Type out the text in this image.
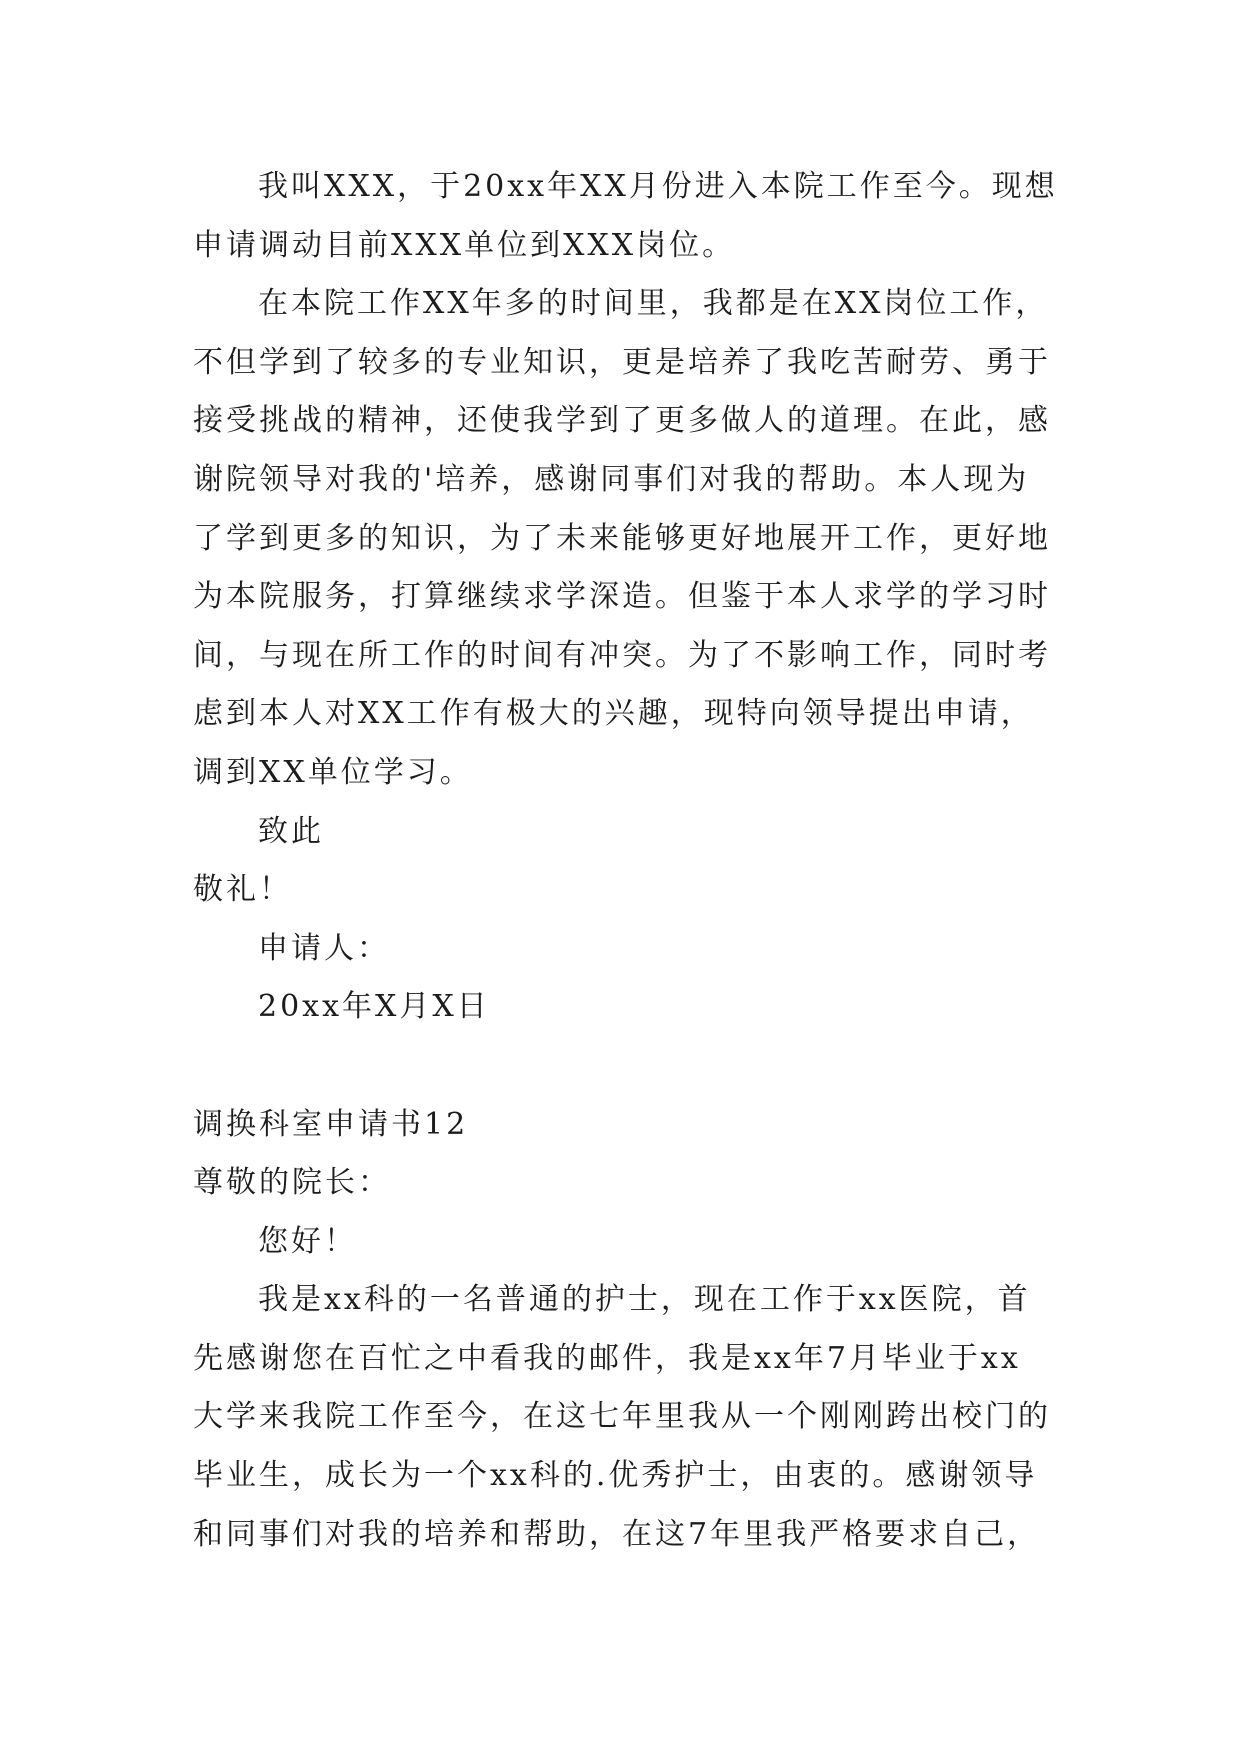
我叫XXX，于20xx年XX月份进入本院工作至今。现想
申请调动目前XXX单位到XXX岗位。
在本院工作XX年多的时间里，我都是在XX岗位工作，
不但学到了较多的专业知识，更是培养了我吃苦耐劳、勇于
接受挑战的精神，还使我学到了更多做人的道理。在此，感
谢院领导对我的'培养，感谢同事们对我的帮助。本人现为
了学到更多的知识，为了未来能够更好地展开工作，更好地
为本院服务，打算继续求学深造。但鉴于本人求学的学习时
间，与现在所工作的时间有冲突。为了不影响工作，同时考
虑到本人对XX工作有极大的兴趣，现特向领导提出申请，
调到XX单位学习。
致此
敬礼！
申请人：
20xx年X月X日
调换科室申请书12
尊敬的院长：
您好！
我是xx科的一名普通的护士，现在工作于xx医院，首
先感谢您在百忙之中看我的邮件，我是xx年7月毕业于xx
大学来我院工作至今，在这七年里我从一个刚刚跨出校门的
毕业生，成长为一个xx科的.优秀护士，由衷的。感谢领导
和同事们对我的培养和帮助，在这7年里我严格要求自己，
